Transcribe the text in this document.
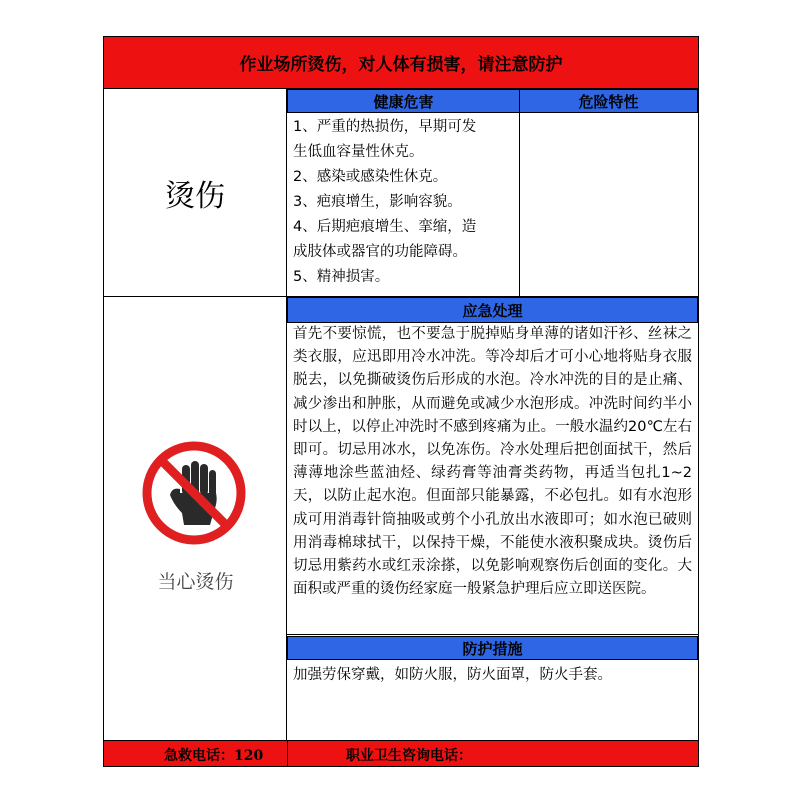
作业场所烫伤，对人体有损害，请注意防护
烫伤
当心烫伤
健康危害	危险特性
1、严重的热损伤，早期可发
生低血容量性休克。
2、感染或感染性休克。
3、疤痕增生，影响容貌。
4、后期疤痕增生、挛缩，造
成肢体或器官的功能障碍。
5、精神损害。
应急处理
首先不要惊慌，也不要急于脱掉贴身单薄的诸如汗衫、丝袜之类衣服，应迅即用冷水冲洗。等冷却后才可小心地将贴身衣服脱去，以免撕破烫伤后形成的水泡。冷水冲洗的目的是止痛、减少渗出和肿胀，从而避免或减少水泡形成。冲洗时间约半小时以上，以停止冲洗时不感到疼痛为止。一般水温约20℃左右即可。切忌用冰水，以免冻伤。冷水处理后把创面拭干，然后薄薄地涂些蓝油烃、绿药膏等油膏类药物，再适当包扎1~2天，以防止起水泡。但面部只能暴露，不必包扎。如有水泡形成可用消毒针筒抽吸或剪个小孔放出水液即可；如水泡已破则用消毒棉球拭干，以保持干燥，不能使水液积聚成块。烫伤后切忌用紫药水或红汞涂搽，以免影响观察伤后创面的变化。大面积或严重的烫伤经家庭一般紧急护理后应立即送医院。
防护措施
加强劳保穿戴，如防火服，防火面罩，防火手套。
急救电话：120	职业卫生咨询电话：
